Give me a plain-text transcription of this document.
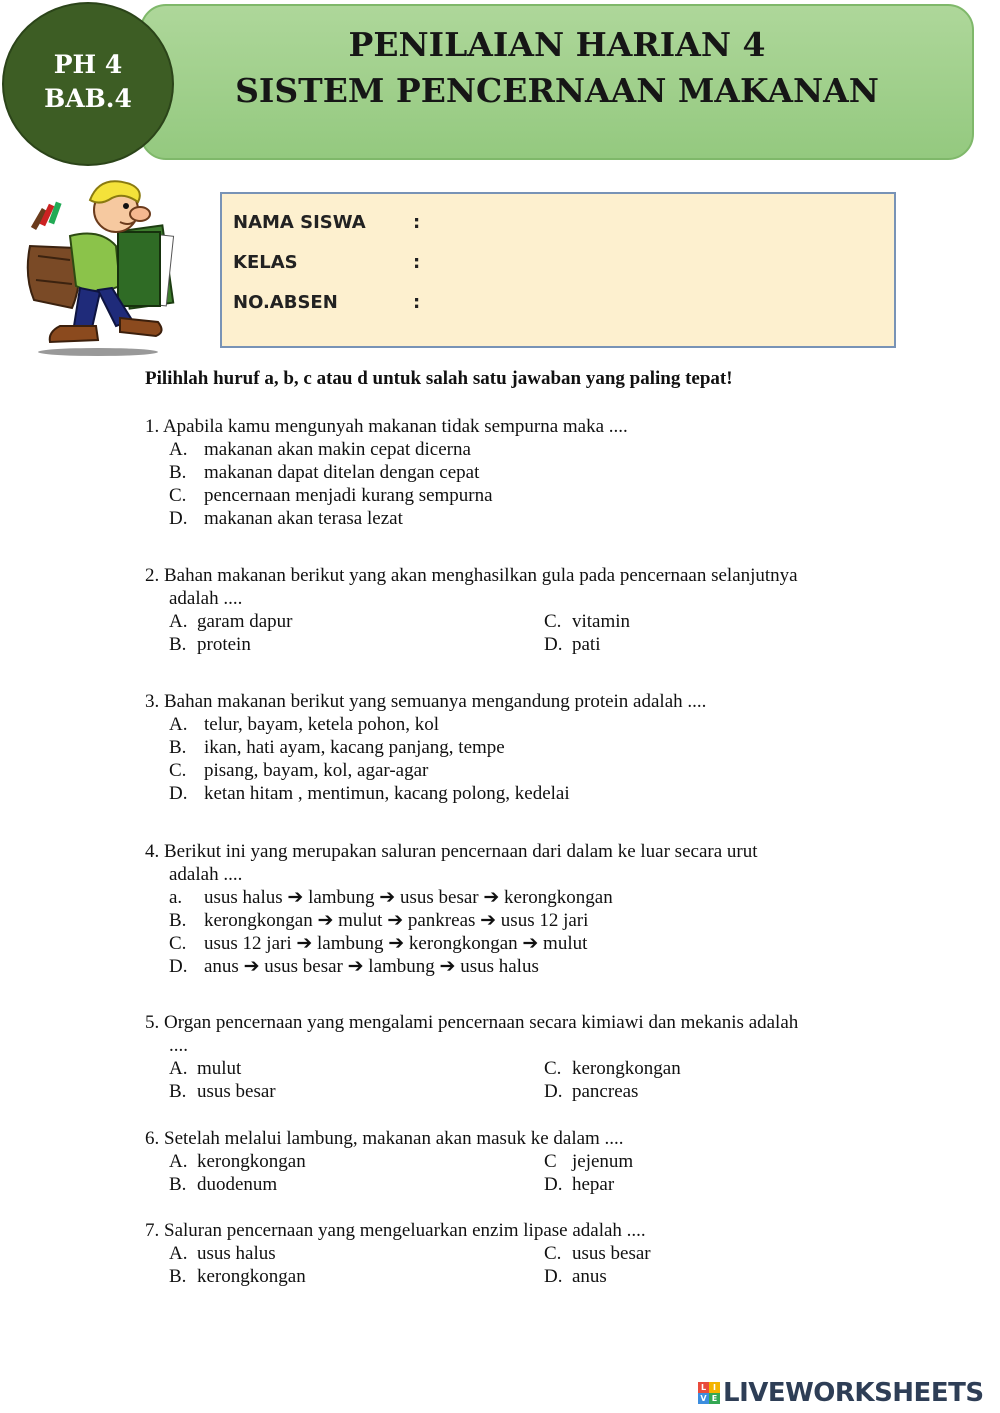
PENILAIAN HARIAN 4
SISTEM PENCERNAAN MAKANAN
PH 4
BAB.4
NAMA SISWA	:
KELAS	:
NO.ABSEN	:
Pilihlah huruf a, b, c atau d untuk salah satu jawaban yang paling tepat!
1. Apabila kamu mengunyah makanan tidak sempurna maka ....
A. makanan akan makin cepat dicerna
B. makanan dapat ditelan dengan cepat
C. pencernaan menjadi kurang sempurna
D. makanan akan terasa lezat
2. Bahan makanan berikut yang akan menghasilkan gula pada pencernaan selanjutnya
adalah ....
A. garam dapur	C. vitamin
B. protein	D. pati
3. Bahan makanan berikut yang semuanya mengandung protein adalah ....
A. telur, bayam, ketela pohon, kol
B. ikan, hati ayam, kacang panjang, tempe
C. pisang, bayam, kol, agar-agar
D. ketan hitam , mentimun, kacang polong, kedelai
4. Berikut ini yang merupakan saluran pencernaan dari dalam ke luar secara urut
adalah ....
a. usus halus ➔ lambung ➔ usus besar ➔ kerongkongan
B. kerongkongan ➔ mulut ➔ pankreas ➔ usus 12 jari
C. usus 12 jari ➔ lambung ➔ kerongkongan ➔ mulut
D. anus ➔ usus besar ➔ lambung ➔ usus halus
5. Organ pencernaan yang mengalami pencernaan secara kimiawi dan mekanis adalah
....
A. mulut	C. kerongkongan
B. usus besar	D. pancreas
6. Setelah melalui lambung, makanan akan masuk ke dalam ....
A. kerongkongan	C jejenum
B. duodenum	D. hepar
7. Saluran pencernaan yang mengeluarkan enzim lipase adalah ....
A. usus halus	C. usus besar
B. kerongkongan	D. anus
L I
V E LIVEWORKSHEETS
